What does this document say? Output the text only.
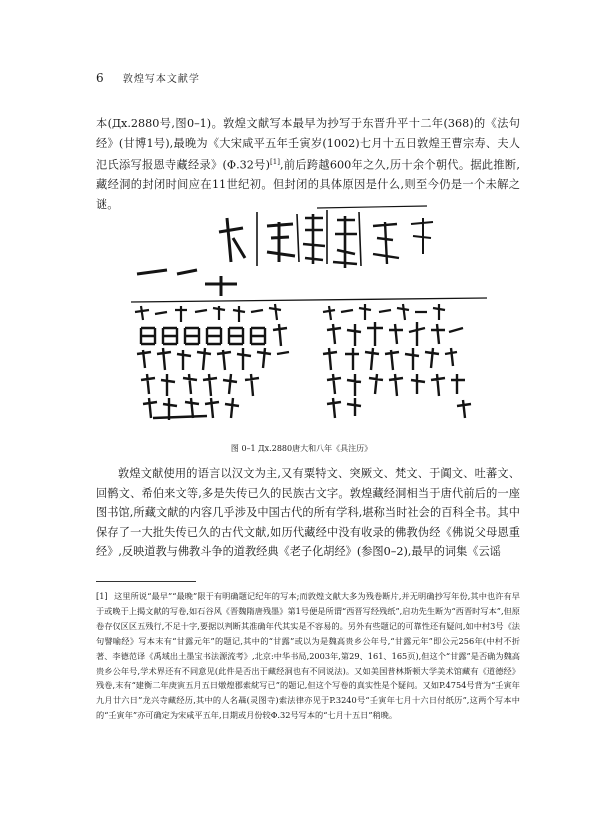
6 敦煌写本文献学

本(Дx.2880号,图0–1)。敦煌文献写本最早为抄写于东晋升平十二年(368)的《法句经》(甘博1号),最晚为《大宋咸平五年壬寅岁(1002)七月十五日敦煌王曹宗寿、夫人氾氏添写报恩寺藏经录》(Φ.32号)[1],前后跨越600年之久,历十余个朝代。据此推断,藏经洞的封闭时间应在11世纪初。但封闭的具体原因是什么,则至今仍是一个未解之谜。

图 0–1 Дx.2880唐大和八年《具注历》

敦煌文献使用的语言以汉文为主,又有粟特文、突厥文、梵文、于阗文、吐蕃文、回鹘文、希伯来文等,多是失传已久的民族古文字。敦煌藏经洞相当于唐代前后的一座图书馆,所藏文献的内容几乎涉及中国古代的所有学科,堪称当时社会的百科全书。其中保存了一大批失传已久的古代文献,如历代藏经中没有收录的佛教伪经《佛说父母恩重经》,反映道教与佛教斗争的道教经典《老子化胡经》(参图0–2),最早的词集《云谣

[1] 这里所说“最早”“最晚”限于有明确题记纪年的写本;而敦煌文献大多为残卷断片,并无明确抄写年份,其中也许有早于或晚于上揭文献的写卷,如石谷风《晋魏隋唐残墨》第1号便是所谓“西晋写经残纸”,启功先生断为“西晋时写本”,但原卷存仅区区五残行,不足十字,要据以判断其准确年代其实是不容易的。另外有些题记的可靠性还有疑问,如中村3号《法句譬喻经》写本末有“甘露元年”的题记,其中的“甘露”或以为是魏高贵乡公年号,“甘露元年”即公元256年(中村不折著、李德范译《禹域出土墨宝书法源流考》,北京:中华书局,2003年,第29、161、165页),但这个“甘露”是否确为魏高贵乡公年号,学术界还有不同意见(此件是否出于藏经洞也有不同说法)。又如美国普林斯顿大学美术馆藏有《道德经》残卷,末有“建衡二年庚寅五月五日燉煌郡索紞写已”的题记,但这个写卷的真实性是个疑问。又如P.4754号背为“壬寅年九月廿六日”龙兴寺藏经历,其中的人名聶(灵图寺)索法律亦见于P.3240号“壬寅年七月十六日付纸历”,这两个写本中的“壬寅年”亦可确定为宋咸平五年,日期或月份较Φ.32号写本的“七月十五日”稍晚。
